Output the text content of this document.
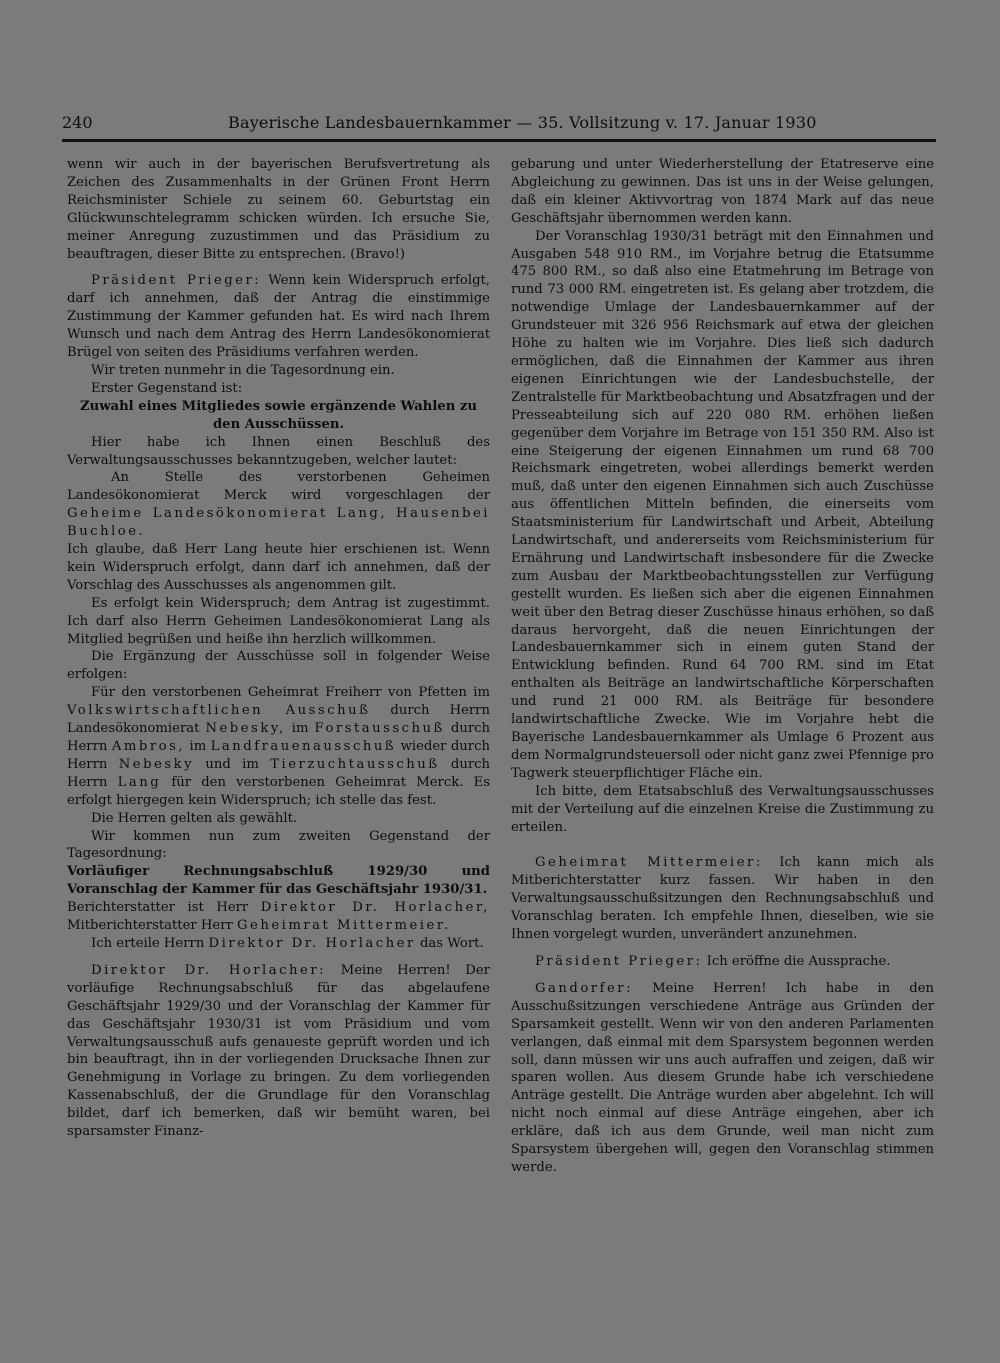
240	Bayerische Landesbauernkammer — 35. Vollsitzung v. 17. Januar 1930

wenn wir auch in der bayerischen Berufsvertretung als Zeichen des Zusammenhalts in der Grünen Front Herrn Reichsminister Schiele zu seinem 60. Geburtstag ein Glückwunschtelegramm schicken würden. Ich ersuche Sie, meiner Anregung zuzustimmen und das Präsidium zu beauftragen, dieser Bitte zu entsprechen. (Bravo!)

Präsident Prieger: Wenn kein Widerspruch erfolgt, darf ich annehmen, daß der Antrag die einstimmige Zustimmung der Kammer gefunden hat. Es wird nach Ihrem Wunsch und nach dem Antrag des Herrn Landesökonomierat Brügel von seiten des Präsidiums verfahren werden.

Wir treten nunmehr in die Tagesordnung ein.

Erster Gegenstand ist:

Zuwahl eines Mitgliedes sowie ergänzende Wahlen zu den Ausschüssen.

Hier habe ich Ihnen einen Beschluß des Verwaltungsausschusses bekanntzugeben, welcher lautet:

An Stelle des verstorbenen Geheimen Landesökonomierat Merck wird vorgeschlagen der Geheime Landesökonomierat Lang, Hausenbei Buchloe.

Ich glaube, daß Herr Lang heute hier erschienen ist. Wenn kein Widerspruch erfolgt, dann darf ich annehmen, daß der Vorschlag des Ausschusses als angenommen gilt.

Es erfolgt kein Widerspruch; dem Antrag ist zugestimmt. Ich darf also Herrn Geheimen Landesökonomierat Lang als Mitglied begrüßen und heiße ihn herzlich willkommen.

Die Ergänzung der Ausschüsse soll in folgender Weise erfolgen:

Für den verstorbenen Geheimrat Freiherr von Pfetten im Volkswirtschaftlichen Ausschuß durch Herrn Landesökonomierat Nebesky, im Forstausschuß durch Herrn Ambros, im Landfrauenausschuß wieder durch Herrn Nebesky und im Tierzuchtausschuß durch Herrn Lang für den verstorbenen Geheimrat Merck. Es erfolgt hiergegen kein Widerspruch; ich stelle das fest.

Die Herren gelten als gewählt.

Wir kommen nun zum zweiten Gegenstand der Tagesordnung:

Vorläufiger Rechnungsabschluß 1929/30 und Voranschlag der Kammer für das Geschäftsjahr 1930/31.

Berichterstatter ist Herr Direktor Dr. Horlacher, Mitberichterstatter Herr Geheimrat Mittermeier.

Ich erteile Herrn Direktor Dr. Horlacher das Wort.

Direktor Dr. Horlacher: Meine Herren! Der vorläufige Rechnungsabschluß für das abgelaufene Geschäftsjahr 1929/30 und der Voranschlag der Kammer für das Geschäftsjahr 1930/31 ist vom Präsidium und vom Verwaltungsausschuß aufs genaueste geprüft worden und ich bin beauftragt, ihn in der vorliegenden Drucksache Ihnen zur Genehmigung in Vorlage zu bringen. Zu dem vorliegenden Kassenabschluß, der die Grundlage für den Voranschlag bildet, darf ich bemerken, daß wir bemüht waren, bei sparsamster Finanz-

gebarung und unter Wiederherstellung der Etatreserve eine Abgleichung zu gewinnen. Das ist uns in der Weise gelungen, daß ein kleiner Aktivvortrag von 1874 Mark auf das neue Geschäftsjahr übernommen werden kann.

Der Voranschlag 1930/31 beträgt mit den Einnahmen und Ausgaben 548 910 RM., im Vorjahre betrug die Etatsumme 475 800 RM., so daß also eine Etatmehrung im Betrage von rund 73 000 RM. eingetreten ist. Es gelang aber trotzdem, die notwendige Umlage der Landesbauernkammer auf der Grundsteuer mit 326 956 Reichsmark auf etwa der gleichen Höhe zu halten wie im Vorjahre. Dies ließ sich dadurch ermöglichen, daß die Einnahmen der Kammer aus ihren eigenen Einrichtungen wie der Landesbuchstelle, der Zentralstelle für Marktbeobachtung und Absatzfragen und der Presseabteilung sich auf 220 080 RM. erhöhen ließen gegenüber dem Vorjahre im Betrage von 151 350 RM. Also ist eine Steigerung der eigenen Einnahmen um rund 68 700 Reichsmark eingetreten, wobei allerdings bemerkt werden muß, daß unter den eigenen Einnahmen sich auch Zuschüsse aus öffentlichen Mitteln befinden, die einerseits vom Staatsministerium für Landwirtschaft und Arbeit, Abteilung Landwirtschaft, und andererseits vom Reichsministerium für Ernährung und Landwirtschaft insbesondere für die Zwecke zum Ausbau der Marktbeobachtungsstellen zur Verfügung gestellt wurden. Es ließen sich aber die eigenen Einnahmen weit über den Betrag dieser Zuschüsse hinaus erhöhen, so daß daraus hervorgeht, daß die neuen Einrichtungen der Landesbauernkammer sich in einem guten Stand der Entwicklung befinden. Rund 64 700 RM. sind im Etat enthalten als Beiträge an landwirtschaftliche Körperschaften und rund 21 000 RM. als Beiträge für besondere landwirtschaftliche Zwecke. Wie im Vorjahre hebt die Bayerische Landesbauernkammer als Umlage 6 Prozent aus dem Normalgrundsteuersoll oder nicht ganz zwei Pfennige pro Tagwerk steuerpflichtiger Fläche ein.

Ich bitte, dem Etatsabschluß des Verwaltungsausschusses mit der Verteilung auf die einzelnen Kreise die Zustimmung zu erteilen.

Geheimrat Mittermeier: Ich kann mich als Mitberichterstatter kurz fassen. Wir haben in den Verwaltungsausschußsitzungen den Rechnungsabschluß und Voranschlag beraten. Ich empfehle Ihnen, dieselben, wie sie Ihnen vorgelegt wurden, unverändert anzunehmen.

Präsident Prieger: Ich eröffne die Aussprache.

Gandorfer: Meine Herren! Ich habe in den Ausschußsitzungen verschiedene Anträge aus Gründen der Sparsamkeit gestellt. Wenn wir von den anderen Parlamenten verlangen, daß einmal mit dem Sparsystem begonnen werden soll, dann müssen wir uns auch aufraffen und zeigen, daß wir sparen wollen. Aus diesem Grunde habe ich verschiedene Anträge gestellt. Die Anträge wurden aber abgelehnt. Ich will nicht noch einmal auf diese Anträge eingehen, aber ich erkläre, daß ich aus dem Grunde, weil man nicht zum Sparsystem übergehen will, gegen den Voranschlag stimmen werde.
